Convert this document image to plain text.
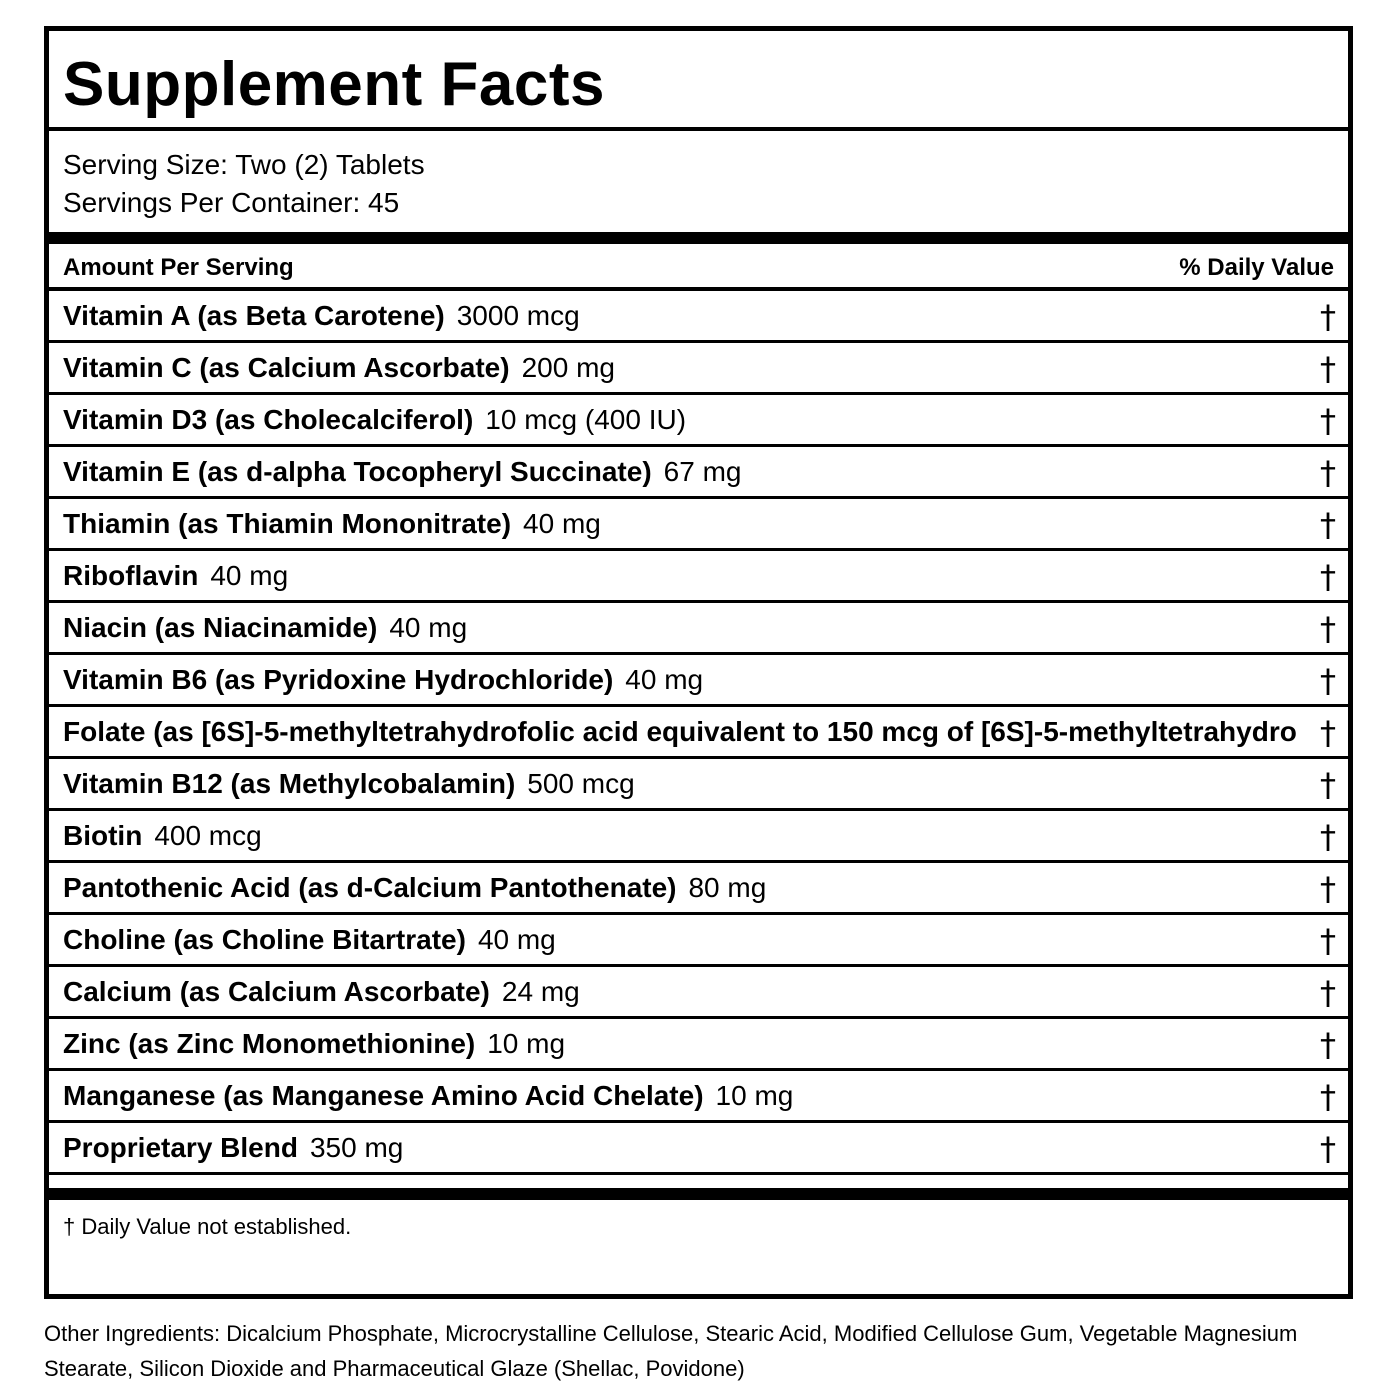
Supplement Facts
Serving Size: Two (2) Tablets
Servings Per Container: 45
Amount Per Serving	% Daily Value
Vitamin A (as Beta Carotene) 3000 mcg	†
Vitamin C (as Calcium Ascorbate) 200 mg	†
Vitamin D3 (as Cholecalciferol) 10 mcg (400 IU)	†
Vitamin E (as d-alpha Tocopheryl Succinate) 67 mg	†
Thiamin (as Thiamin Mononitrate) 40 mg	†
Riboflavin 40 mg	†
Niacin (as Niacinamide) 40 mg	†
Vitamin B6 (as Pyridoxine Hydrochloride) 40 mg	†
Folate (as [6S]-5-methyltetrahydrofolic acid equivalent to 150 mcg of [6S]-5-methyltetrahydro †
Vitamin B12 (as Methylcobalamin) 500 mcg	†
Biotin 400 mcg	†
Pantothenic Acid (as d-Calcium Pantothenate) 80 mg	†
Choline (as Choline Bitartrate) 40 mg	†
Calcium (as Calcium Ascorbate) 24 mg	†
Zinc (as Zinc Monomethionine) 10 mg	†
Manganese (as Manganese Amino Acid Chelate) 10 mg	†
Proprietary Blend 350 mg	†
† Daily Value not established.
Other Ingredients: Dicalcium Phosphate, Microcrystalline Cellulose, Stearic Acid, Modified Cellulose Gum, Vegetable Magnesium Stearate, Silicon Dioxide and Pharmaceutical Glaze (Shellac, Povidone)
